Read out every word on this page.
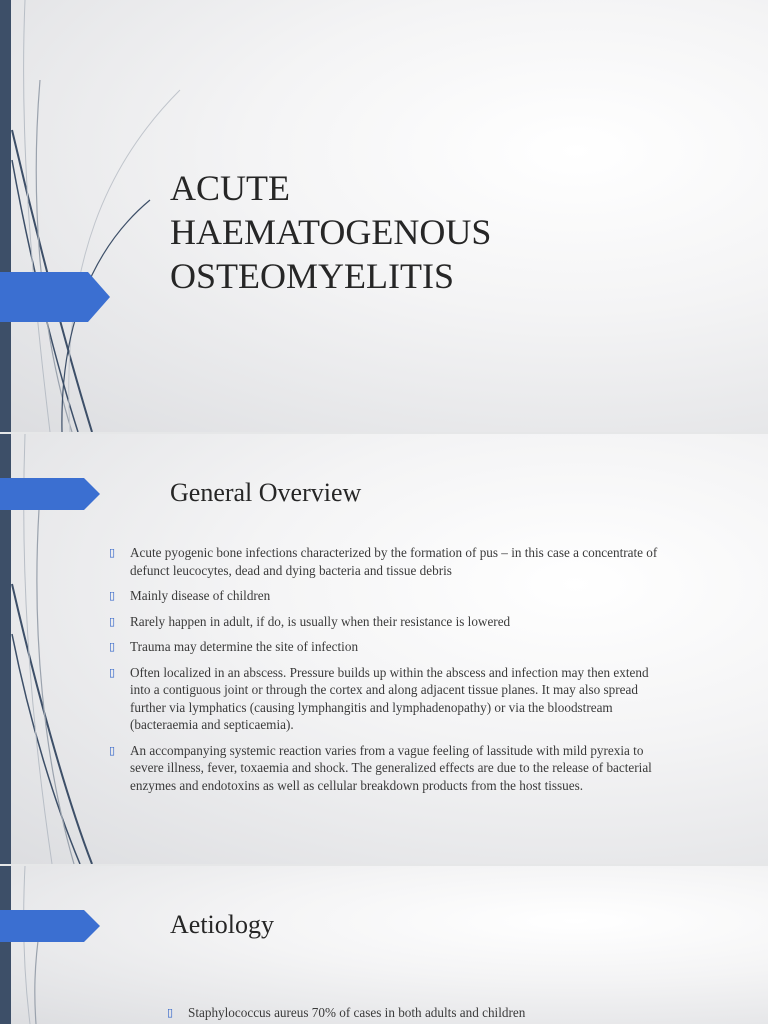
ACUTE
HAEMATOGENOUS
OSTEOMYELITIS
General Overview
▯ Acute pyogenic bone infections characterized by the formation of pus – in this case a concentrate of defunct leucocytes, dead and dying bacteria and tissue debris
▯ Mainly disease of children
▯ Rarely happen in adult, if do, is usually when their resistance is lowered
▯ Trauma may determine the site of infection
▯ Often localized in an abscess. Pressure builds up within the abscess and infection may then extend into a contiguous joint or through the cortex and along adjacent tissue planes. It may also spread further via lymphatics (causing lymphangitis and lymphadenopathy) or via the bloodstream (bacteraemia and septicaemia).
▯ An accompanying systemic reaction varies from a vague feeling of lassitude with mild pyrexia to severe illness, fever, toxaemia and shock. The generalized effects are due to the release of bacterial enzymes and endotoxins as well as cellular breakdown products from the host tissues.
Aetiology
▯ Staphylococcus aureus 70% of cases in both adults and children
